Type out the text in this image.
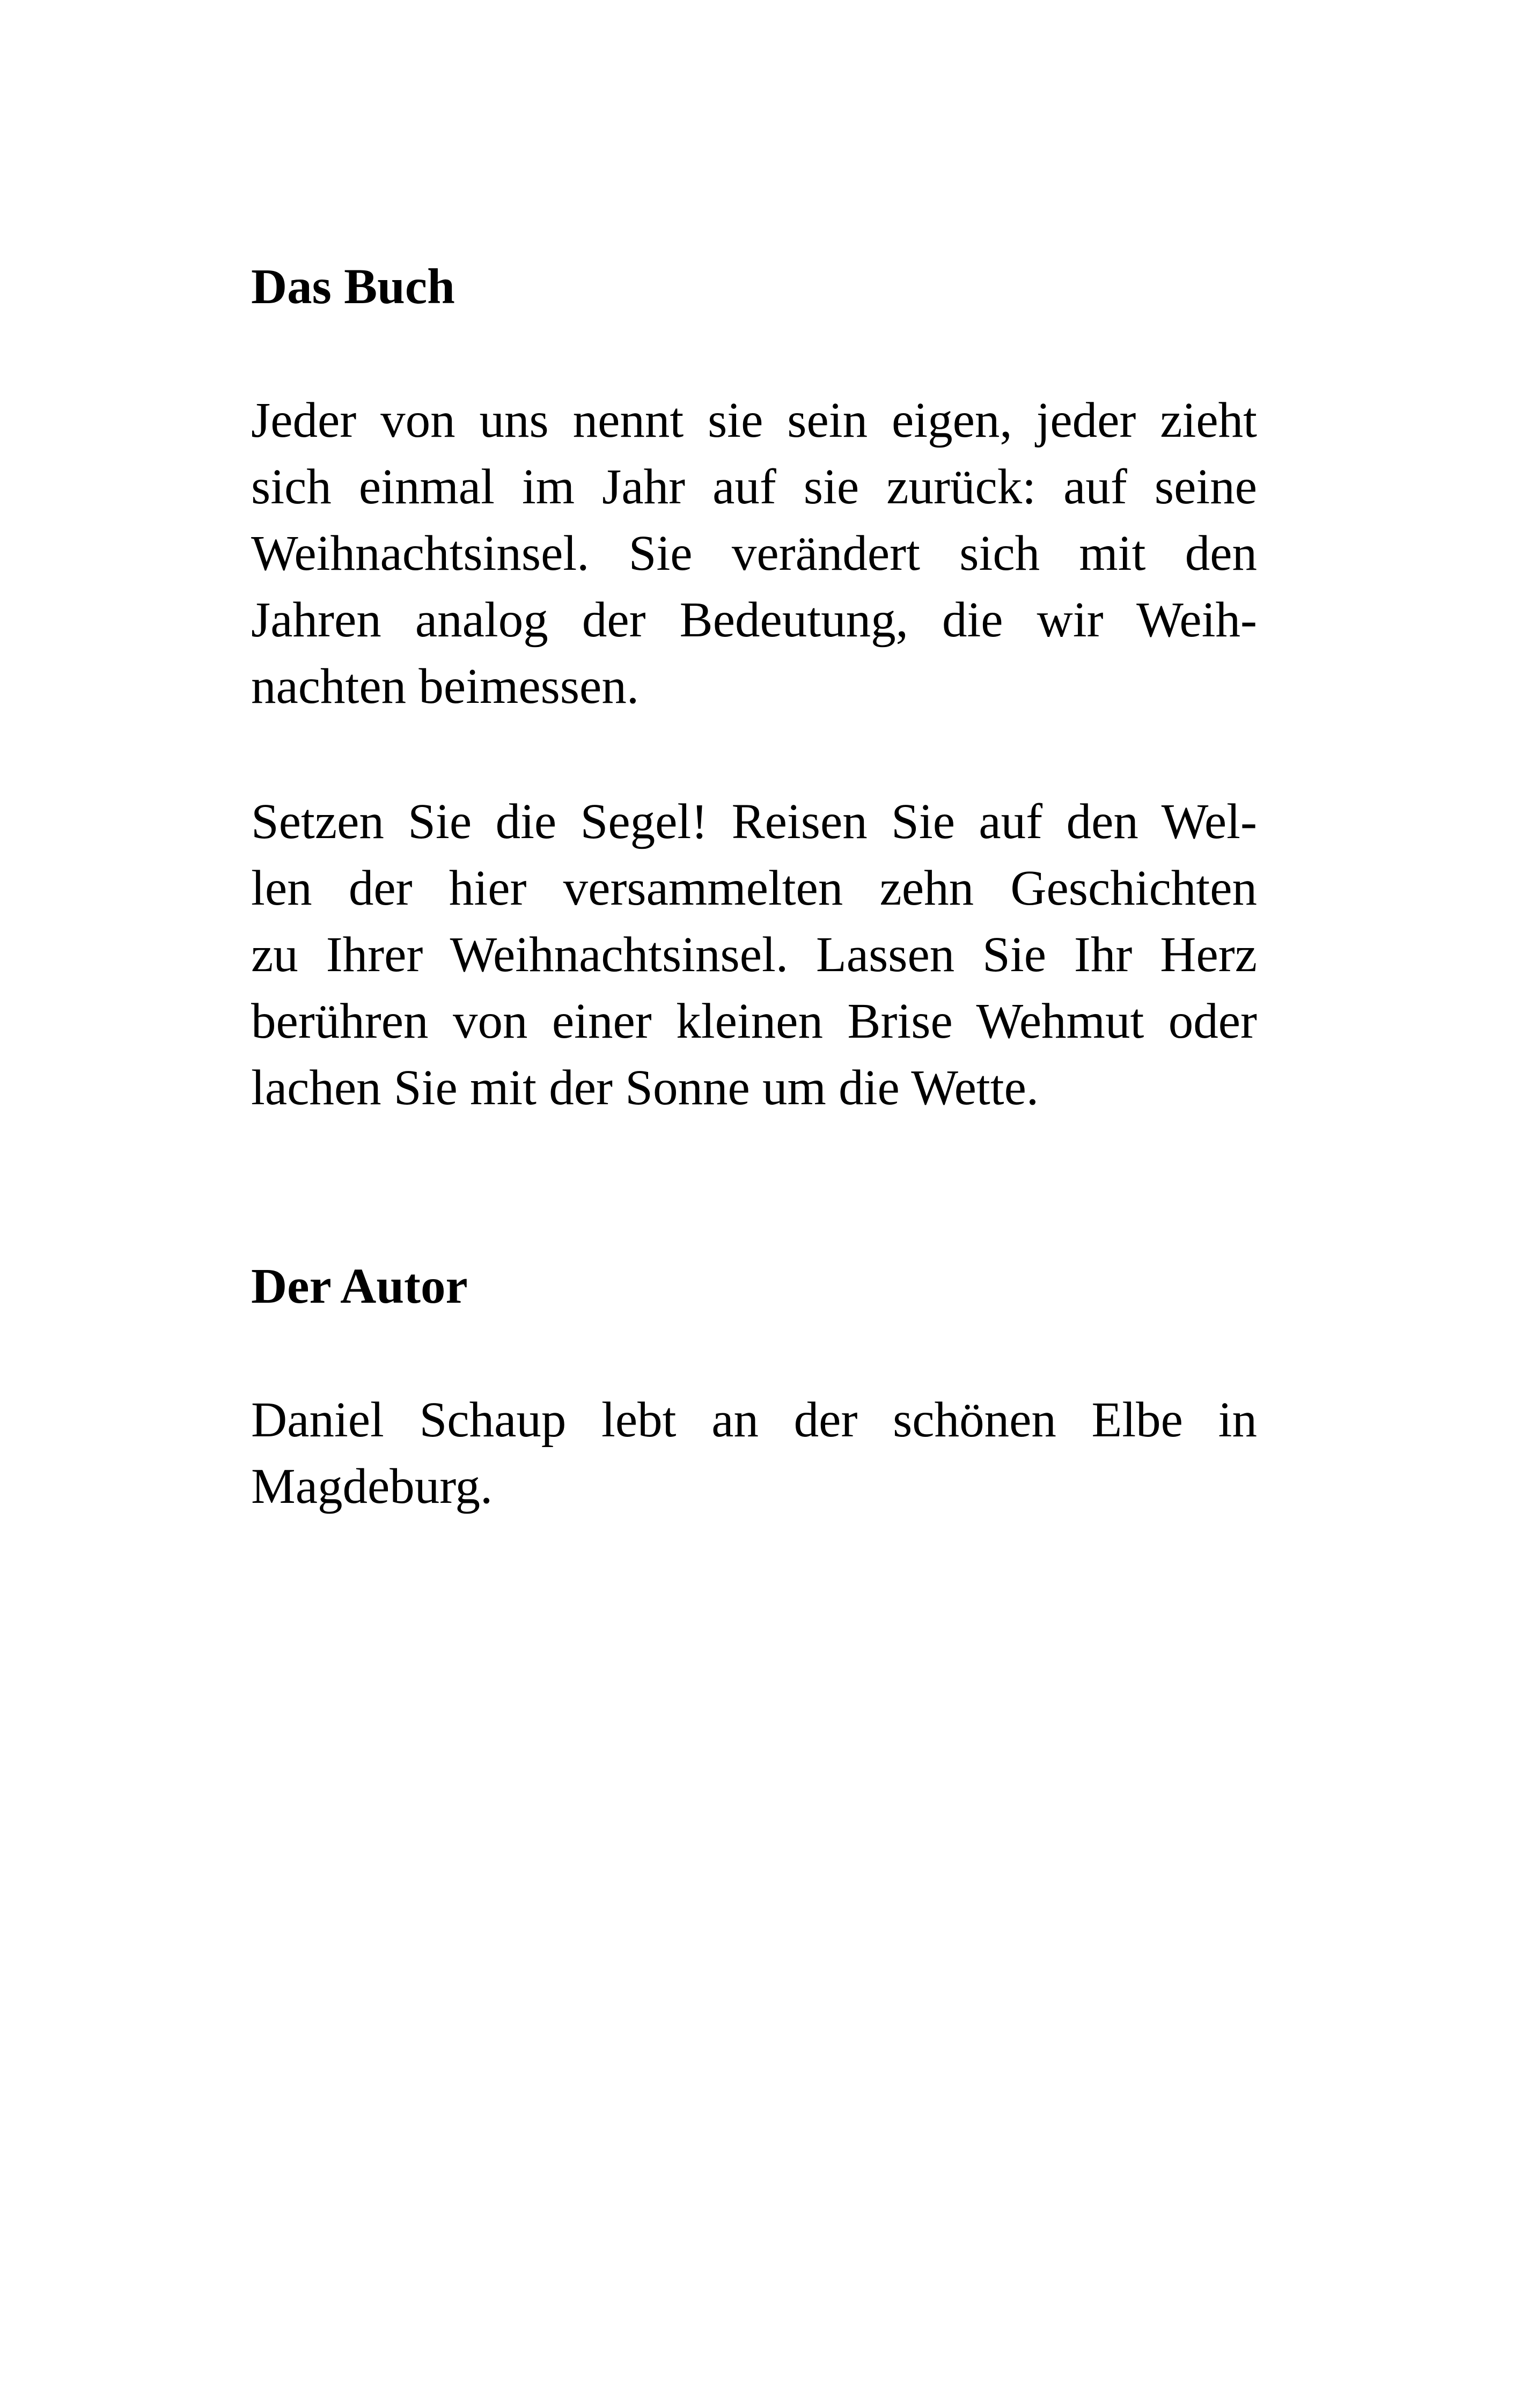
Das Buch
Jeder von uns nennt sie sein eigen, jeder zieht
sich einmal im Jahr auf sie zurück: auf seine
Weihnachtsinsel. Sie verändert sich mit den
Jahren analog der Bedeutung, die wir Weih-
nachten beimessen.
Setzen Sie die Segel! Reisen Sie auf den Wel-
len der hier versammelten zehn Geschichten
zu Ihrer Weihnachtsinsel. Lassen Sie Ihr Herz
berühren von einer kleinen Brise Wehmut oder
lachen Sie mit der Sonne um die Wette.
Der Autor
Daniel Schaup lebt an der schönen Elbe in
Magdeburg.
